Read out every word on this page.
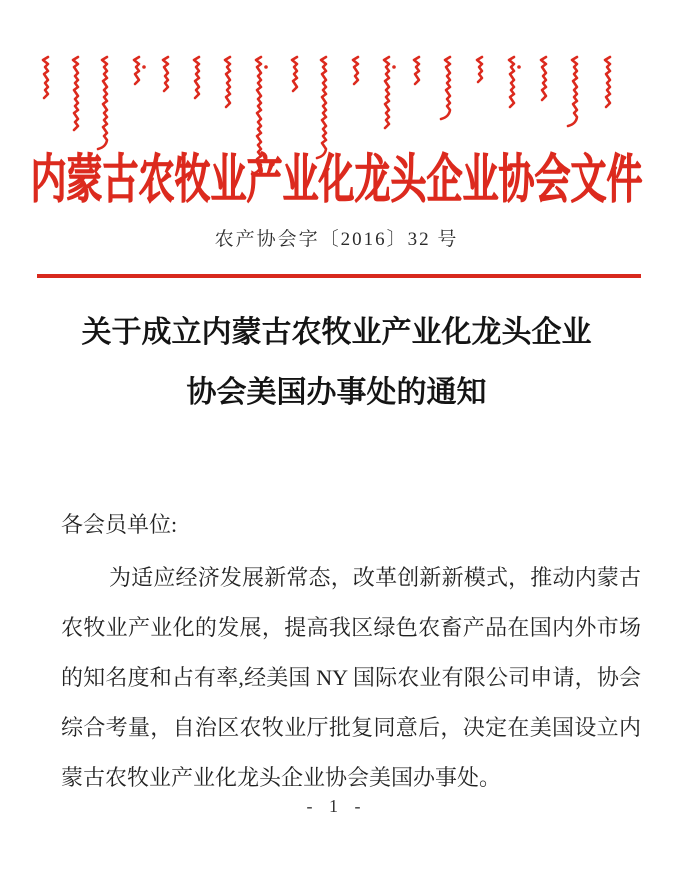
内蒙古农牧业产业化龙头企业协会文件
农产协会字〔2016〕32 号
关于成立内蒙古农牧业产业化龙头企业
协会美国办事处的通知

各会员单位:

为适应经济发展新常态，改革创新新模式，推动内蒙古

农牧业产业化的发展，提高我区绿色农畜产品在国内外市场

的知名度和占有率,经美国 NY 国际农业有限公司申请，协会

综合考量，自治区农牧业厅批复同意后，决定在美国设立内

蒙古农牧业产业化龙头企业协会美国办事处。

- 1 -
